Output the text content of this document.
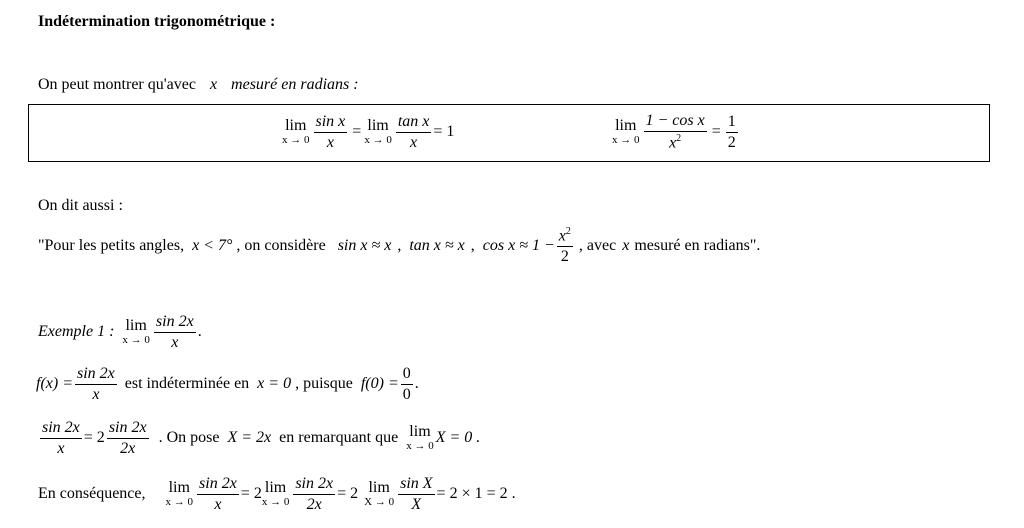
Indétermination trigonométrique :
On peut montrer qu'avec x mesuré en radians :
lim
$x \to 0 \frac{\text{sin x}}{x} = \lim$
$x \to 0 \frac{\text{tan x}}{x} = 1$	lim
$x \to 0 \frac{\text{1 − cos x}}{x^2} = \frac{1}{2}$
On dit aussi :
"Pour les petits angles, x < 7° , on considère sin x ≈ x , tan x ≈ x , $\cos x \approx 1 - \frac{x^2}{2}$ , avec x mesuré en radians".
Exemple 1 : lim
$x \to 0 \frac{\sin 2x}{x}$ .
$f(x) = \frac{\sin 2x}{x}$ est indéterminée en x = 0 , puisque $f(0) = \frac{0}{0}$ .
$\frac{\sin 2x}{x} = 2 \frac{\sin 2x}{2x}$ . On pose X = 2x en remarquant que lim
x → 0 X = 0 .
En conséquence, lim
$x \to 0 \frac{\sin 2x}{x} = 2$ lim
$x \to 0 \frac{\sin 2x}{2x} = 2$ lim
$X \to 0 \frac{\text{sin X}}{X} = 2 \times 1 = 2$ .
